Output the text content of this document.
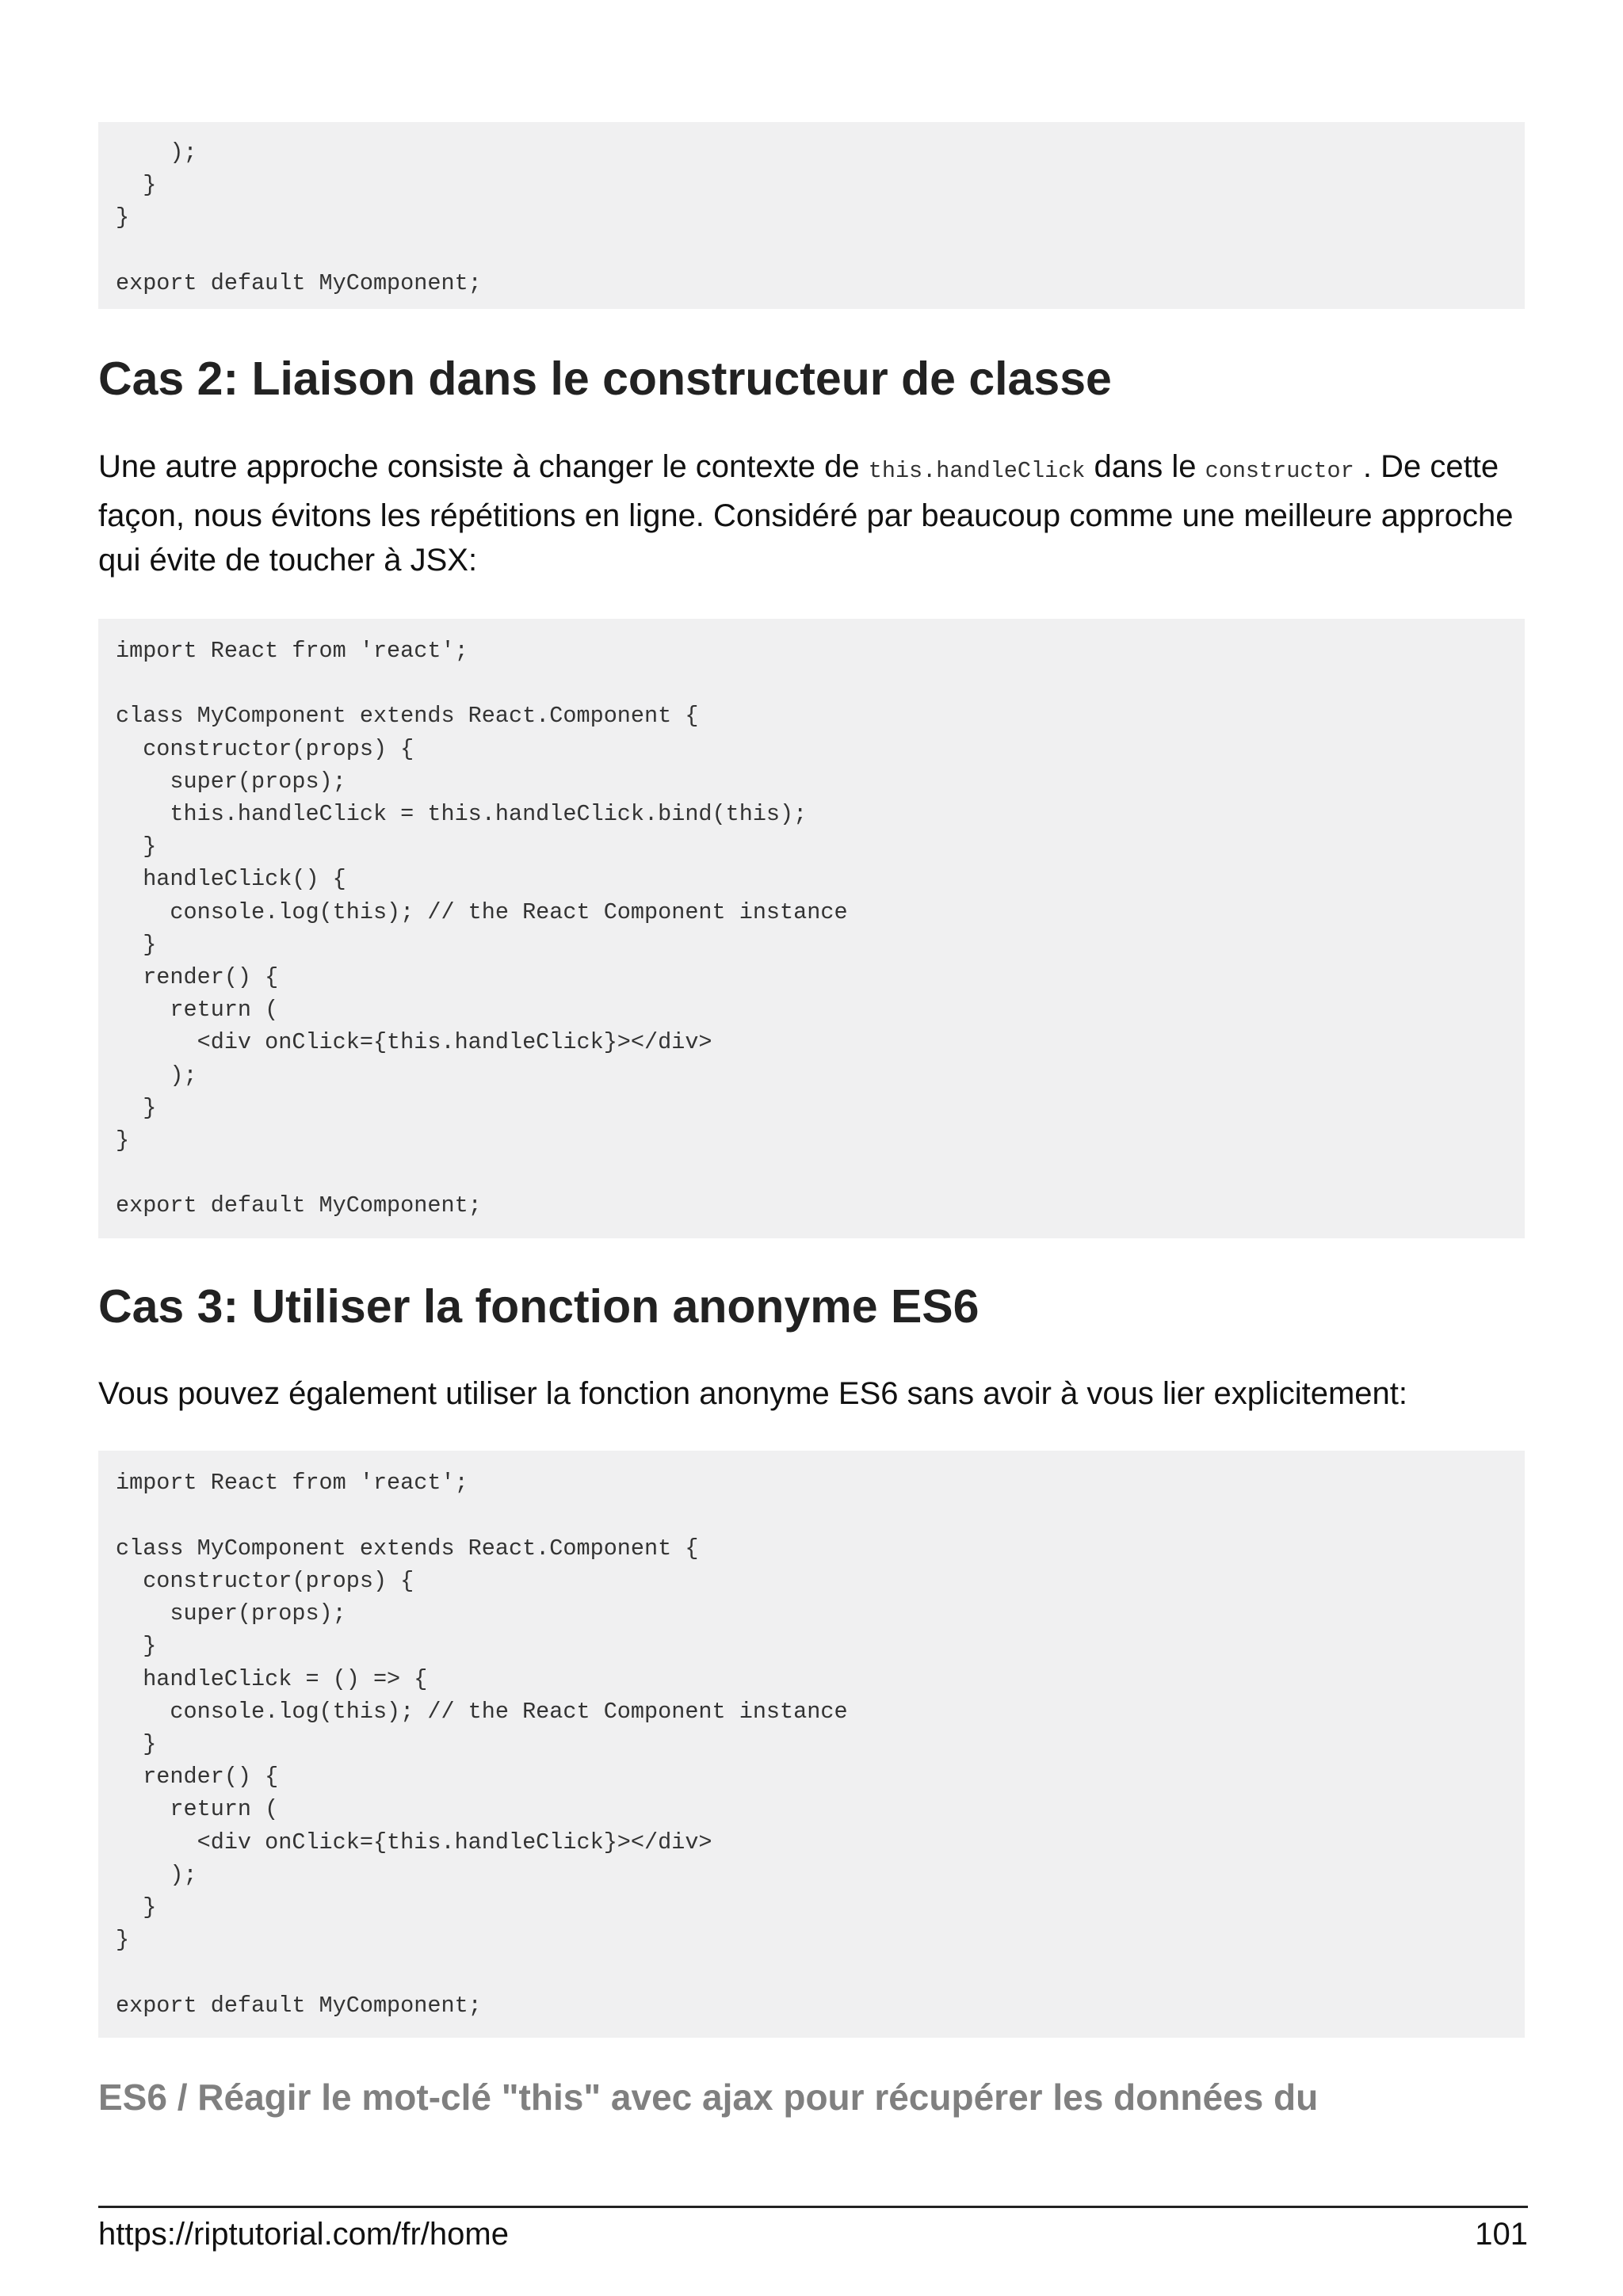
);
}
}

export default MyComponent;
Cas 2: Liaison dans le constructeur de classe

Une autre approche consiste à changer le contexte de this.handleClick dans le constructor . De cette façon, nous évitons les répétitions en ligne. Considéré par beaucoup comme une meilleure approche qui évite de toucher à JSX:

import React from 'react';

class MyComponent extends React.Component {
constructor(props) {
super(props);
this.handleClick = this.handleClick.bind(this);
}
handleClick() {
console.log(this); // the React Component instance
}
render() {
return (
<div onClick={this.handleClick}></div>
);
}
}

export default MyComponent;
Cas 3: Utiliser la fonction anonyme ES6

Vous pouvez également utiliser la fonction anonyme ES6 sans avoir à vous lier explicitement:

import React from 'react';

class MyComponent extends React.Component {
constructor(props) {
super(props);
}
handleClick = () => {
console.log(this); // the React Component instance
}
render() {
return (
<div onClick={this.handleClick}></div>
);
}
}

export default MyComponent;
ES6 / Réagir le mot-clé "this" avec ajax pour récupérer les données du
https://riptutorial.com/fr/home	101
